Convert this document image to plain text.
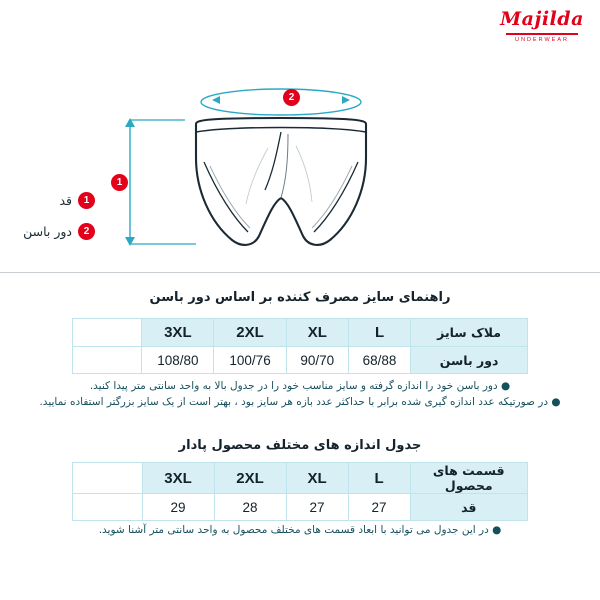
Majilda
UNDERWEAR
2
1
1
قد
2
دور باسن
راهنمای سایز مصرف کننده بر اساس دور باسن
ملاک سایز	L	XL	2XL	3XL	
دور باسن	68/88	90/70	100/76	108/80	
● دور باسن خود را اندازه گرفته و سایز مناسب خود را در جدول بالا به واحد سانتی متر پیدا کنید.
● در صورتیکه عدد اندازه گیری شده برابر با حداکثر عدد بازه هر سایز بود ، بهتر است از یک سایز بزرگتر استفاده نمایید.
جدول اندازه های مختلف محصول پادار
قسمت های محصول	L	XL	2XL	3XL	
قد	27	27	28	29	
● در این جدول می توانید با ابعاد قسمت های مختلف محصول به واحد سانتی متر آشنا شوید.
